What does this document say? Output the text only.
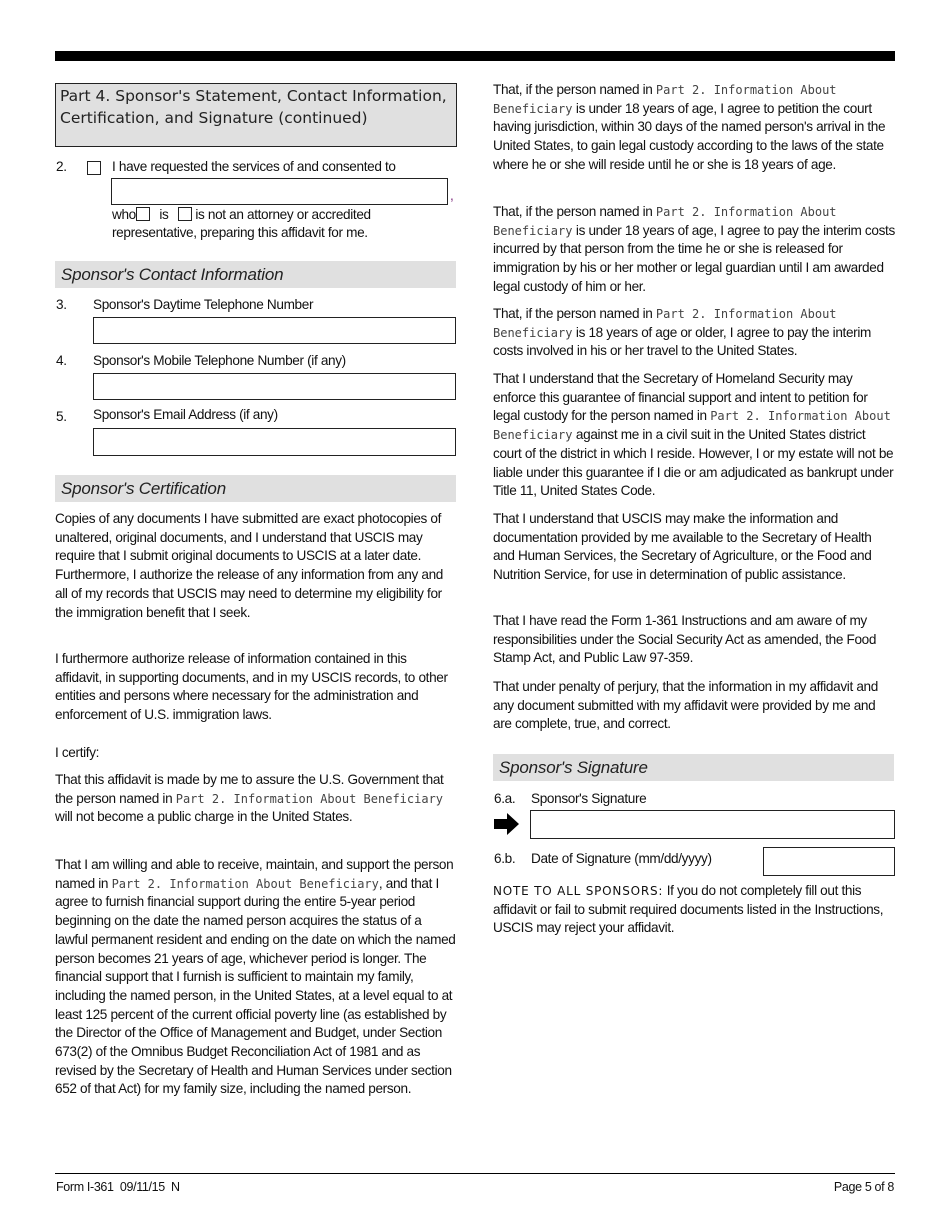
Part 4. Sponsor's Statement, Contact Information, Certification, and Signature (continued)
2.	I have requested the services of and consented to
,
who is is not an attorney or accredited
representative, preparing this affidavit for me.
Sponsor's Contact Information
3. Sponsor's Daytime Telephone Number
4. Sponsor's Mobile Telephone Number (if any)
5. Sponsor's Email Address (if any)
Sponsor's Certification
Copies of any documents I have submitted are exact photocopies of unaltered, original documents, and I understand that USCIS may require that I submit original documents to USCIS at a later date. Furthermore, I authorize the release of any information from any and all of my records that USCIS may need to determine my eligibility for the immigration benefit that I seek.
I furthermore authorize release of information contained in this affidavit, in supporting documents, and in my USCIS records, to other entities and persons where necessary for the administration and enforcement of U.S. immigration laws.
I certify:
That this affidavit is made by me to assure the U.S. Government that the person named in Part 2. Information About Beneficiary will not become a public charge in the United States.
That I am willing and able to receive, maintain, and support the person named in Part 2. Information About Beneficiary, and that I agree to furnish financial support during the entire 5-year period beginning on the date the named person acquires the status of a lawful permanent resident and ending on the date on which the named person becomes 21 years of age, whichever period is longer. The financial support that I furnish is sufficient to maintain my family, including the named person, in the United States, at a level equal to at least 125 percent of the current official poverty line (as established by the Director of the Office of Management and Budget, under Section 673(2) of the Omnibus Budget Reconciliation Act of 1981 and as revised by the Secretary of Health and Human Services under section 652 of that Act) for my family size, including the named person.
That, if the person named in Part 2. Information About Beneficiary is under 18 years of age, I agree to petition the court having jurisdiction, within 30 days of the named person's arrival in the United States, to gain legal custody according to the laws of the state where he or she will reside until he or she is 18 years of age.
That, if the person named in Part 2. Information About Beneficiary is under 18 years of age, I agree to pay the interim costs incurred by that person from the time he or she is released for immigration by his or her mother or legal guardian until I am awarded legal custody of him or her.
That, if the person named in Part 2. Information About Beneficiary is 18 years of age or older, I agree to pay the interim costs involved in his or her travel to the United States.
That I understand that the Secretary of Homeland Security may enforce this guarantee of financial support and intent to petition for legal custody for the person named in Part 2. Information About Beneficiary against me in a civil suit in the United States district court of the district in which I reside. However, I or my estate will not be liable under this guarantee if I die or am adjudicated as bankrupt under Title 11, United States Code.
That I understand that USCIS may make the information and documentation provided by me available to the Secretary of Health and Human Services, the Secretary of Agriculture, or the Food and Nutrition Service, for use in determination of public assistance.
That I have read the Form 1-361 Instructions and am aware of my responsibilities under the Social Security Act as amended, the Food Stamp Act, and Public Law 97-359.
That under penalty of perjury, that the information in my affidavit and any document submitted with my affidavit were provided by me and are complete, true, and correct.
Sponsor's Signature
6.a. Sponsor's Signature
6.b. Date of Signature (mm/dd/yyyy)
NOTE TO ALL SPONSORS: If you do not completely fill out this affidavit or fail to submit required documents listed in the Instructions, USCIS may reject your affidavit.
Form I-361  09/11/15  N	Page 5 of 8
